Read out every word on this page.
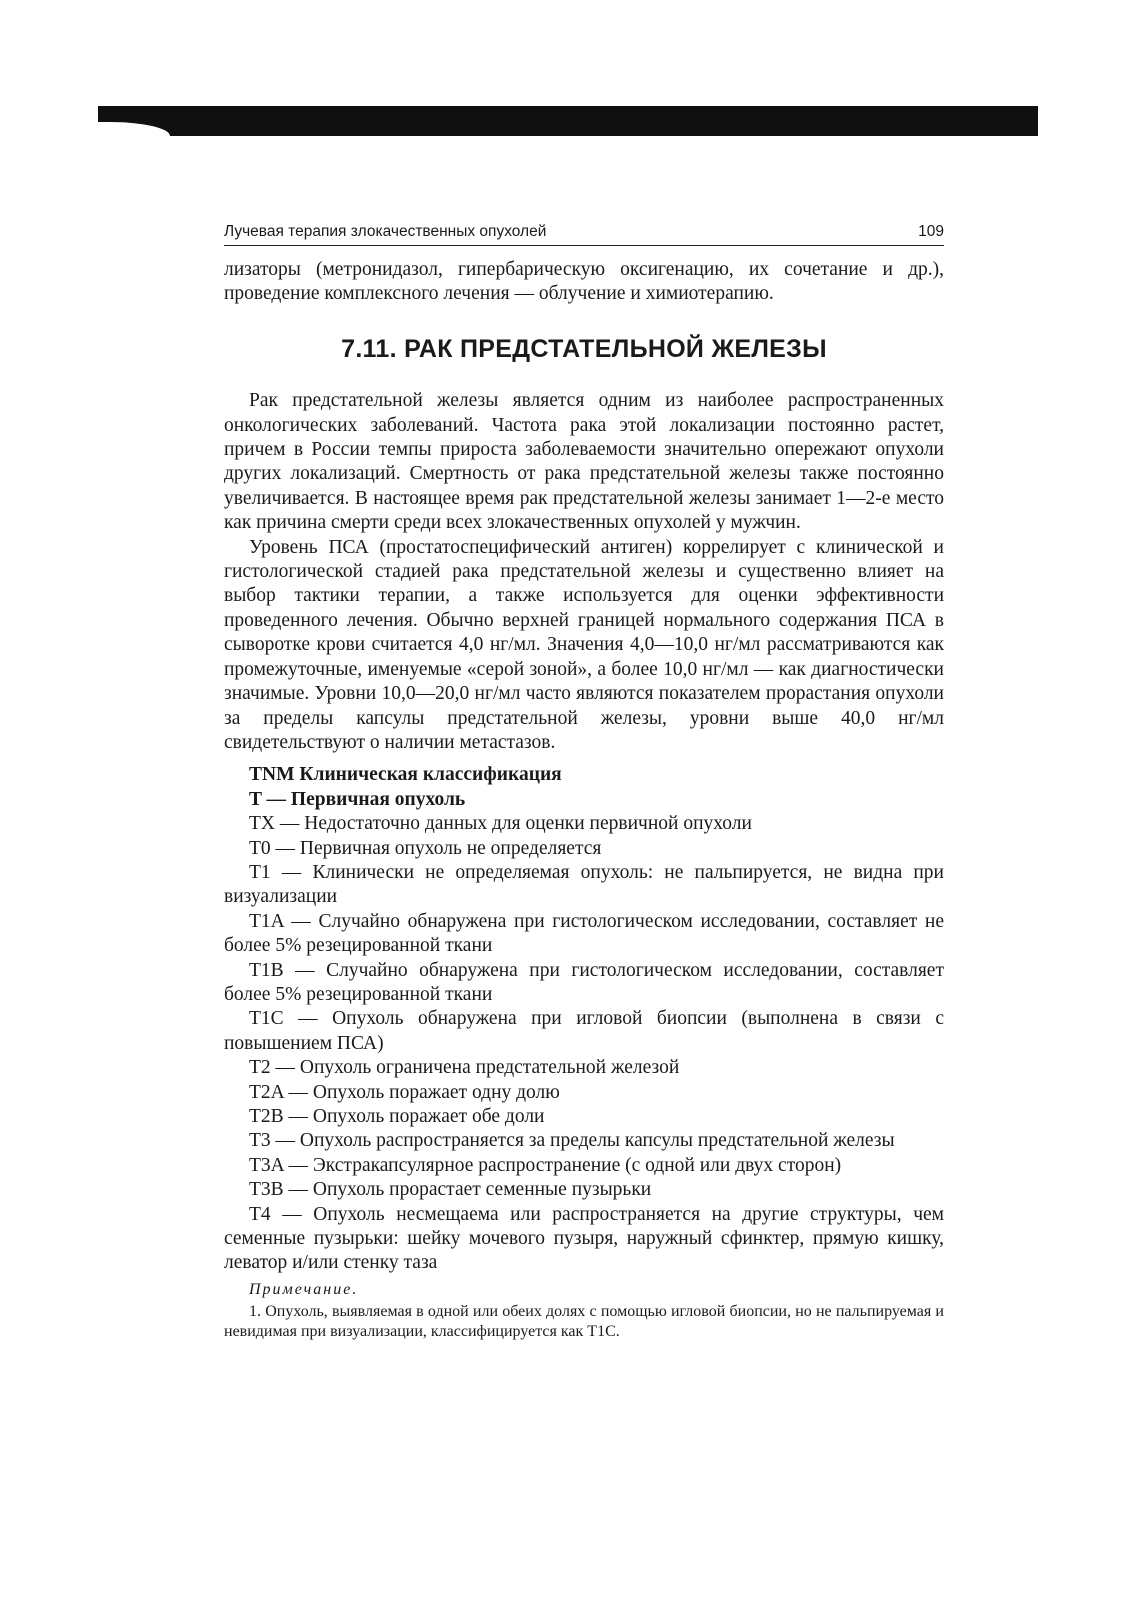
Лучевая терапия злокачественных опухолей	109

лизаторы (метронидазол, гипербарическую оксигенацию, их сочетание и др.), проведение комплексного лечения — облучение и химиотерапию.

7.11. РАК ПРЕДСТАТЕЛЬНОЙ ЖЕЛЕЗЫ

Рак предстательной железы является одним из наиболее распространенных онкологических заболеваний. Частота рака этой локализации постоянно растет, причем в России темпы прироста заболеваемости значительно опережают опухоли других локализаций. Смертность от рака предстательной железы также постоянно увеличивается. В настоящее время рак предстательной железы занимает 1—2-е место как причина смерти среди всех злокачественных опухолей у мужчин.

Уровень ПСА (простатоспецифический антиген) коррелирует с клинической и гистологической стадией рака предстательной железы и существенно влияет на выбор тактики терапии, а также используется для оценки эффективности проведенного лечения. Обычно верхней границей нормального содержания ПСА в сыворотке крови считается 4,0 нг/мл. Значения 4,0—10,0 нг/мл рассматриваются как промежуточные, именуемые «серой зоной», а более 10,0 нг/мл — как диагностически значимые. Уровни 10,0—20,0 нг/мл часто являются показателем прорастания опухоли за пределы капсулы предстательной железы, уровни выше 40,0 нг/мл свидетельствуют о наличии метастазов.

TNM Клиническая классификация

T — Первичная опухоль

TX — Недостаточно данных для оценки первичной опухоли

T0 — Первичная опухоль не определяется

T1 — Клинически не определяемая опухоль: не пальпируется, не видна при визуализации

T1A — Случайно обнаружена при гистологическом исследовании, составляет не более 5% резецированной ткани

T1B — Случайно обнаружена при гистологическом исследовании, составляет более 5% резецированной ткани

T1C — Опухоль обнаружена при игловой биопсии (выполнена в связи с повышением ПСА)

T2 — Опухоль ограничена предстательной железой

T2A — Опухоль поражает одну долю

T2B — Опухоль поражает обе доли

T3 — Опухоль распространяется за пределы капсулы предстательной железы

T3A — Экстракапсулярное распространение (с одной или двух сторон)

T3B — Опухоль прорастает семенные пузырьки

T4 — Опухоль несмещаема или распространяется на другие структуры, чем семенные пузырьки: шейку мочевого пузыря, наружный сфинктер, прямую кишку, леватор и/или стенку таза

Примечание.

1. Опухоль, выявляемая в одной или обеих долях с помощью игловой биопсии, но не пальпируемая и невидимая при визуализации, классифицируется как T1C.
